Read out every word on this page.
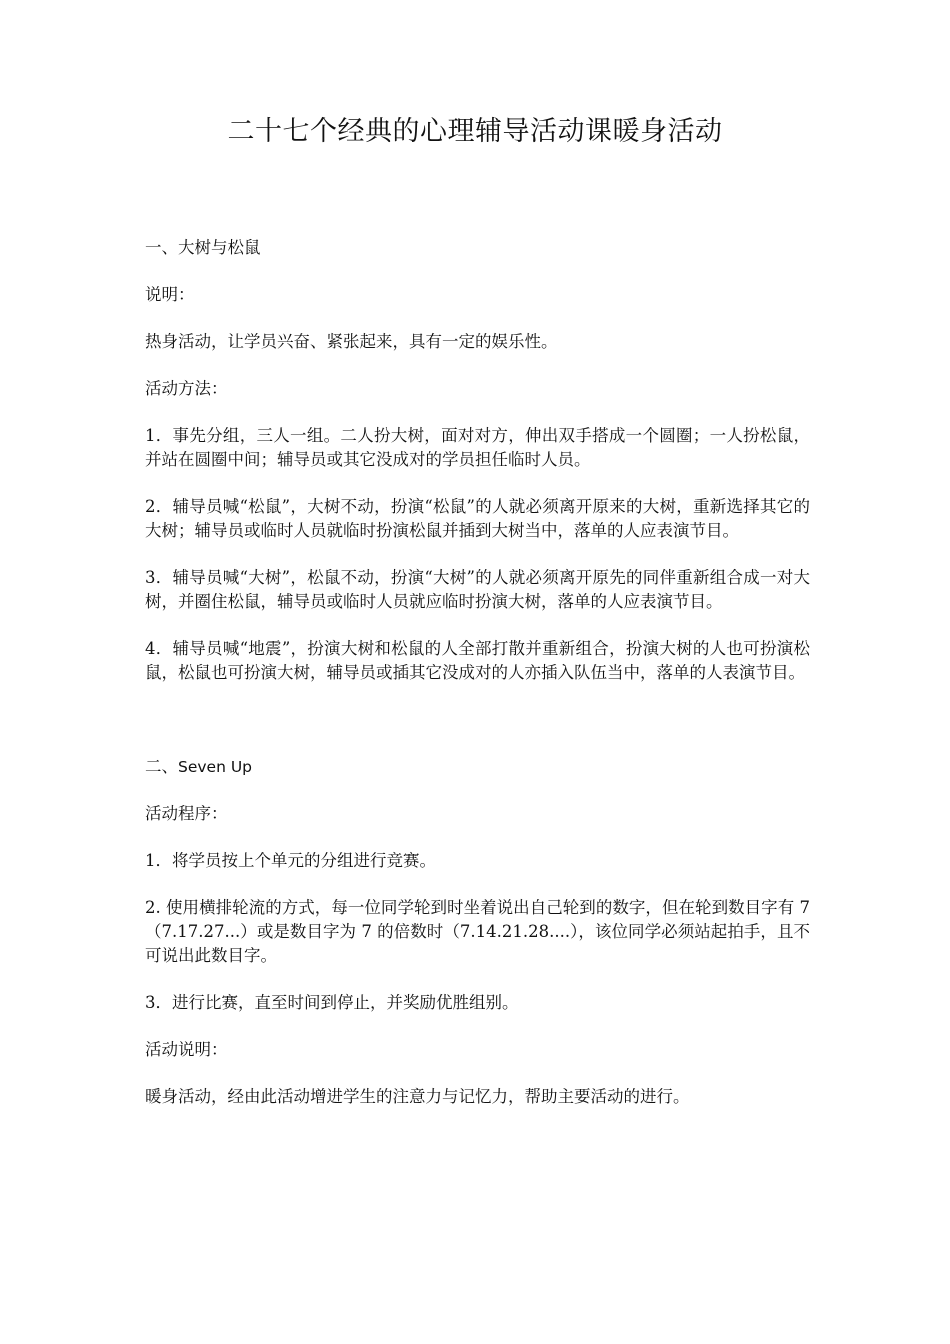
二十七个经典的心理辅导活动课暖身活动

一、大树与松鼠

说明：

热身活动，让学员兴奋、紧张起来，具有一定的娱乐性。

活动方法：

1．事先分组，三人一组。二人扮大树，面对对方，伸出双手搭成一个圆圈；一人扮松鼠，并站在圆圈中间；辅导员或其它没成对的学员担任临时人员。

2．辅导员喊“松鼠”，大树不动，扮演“松鼠”的人就必须离开原来的大树，重新选择其它的大树；辅导员或临时人员就临时扮演松鼠并插到大树当中，落单的人应表演节目。

3．辅导员喊“大树”，松鼠不动，扮演“大树”的人就必须离开原先的同伴重新组合成一对大树，并圈住松鼠，辅导员或临时人员就应临时扮演大树，落单的人应表演节目。

4．辅导员喊“地震”，扮演大树和松鼠的人全部打散并重新组合，扮演大树的人也可扮演松鼠，松鼠也可扮演大树，辅导员或插其它没成对的人亦插入队伍当中，落单的人表演节目。

二、Seven Up

活动程序：

1．将学员按上个单元的分组进行竞赛。

2. 使用横排轮流的方式，每一位同学轮到时坐着说出自己轮到的数字，但在轮到数目字有 7（7.17.27...）或是数目字为 7 的倍数时（7.14.21.28....），该位同学必须站起拍手，且不可说出此数目字。

3．进行比赛，直至时间到停止，并奖励优胜组别。

活动说明：

暖身活动，经由此活动增进学生的注意力与记忆力，帮助主要活动的进行。
